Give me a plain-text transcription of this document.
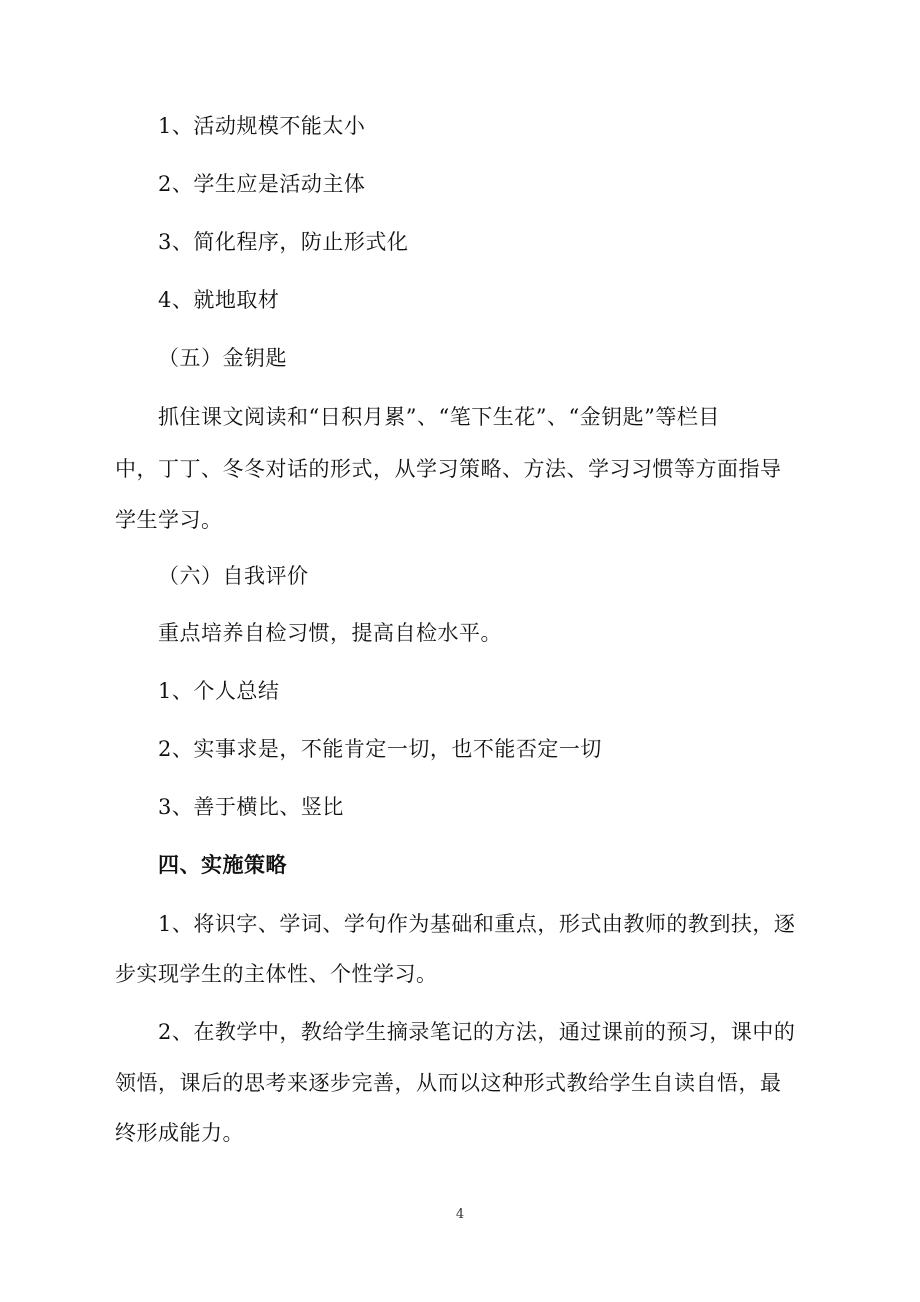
1、活动规模不能太小
2、学生应是活动主体
3、简化程序，防止形式化
4、就地取材
（五）金钥匙
抓住课文阅读和“日积月累”、“笔下生花”、“金钥匙”等栏目
中，丁丁、冬冬对话的形式，从学习策略、方法、学习习惯等方面指导
学生学习。
（六）自我评价
重点培养自检习惯，提高自检水平。
1、个人总结
2、实事求是，不能肯定一切，也不能否定一切
3、善于横比、竖比
四、实施策略
1、将识字、学词、学句作为基础和重点，形式由教师的教到扶，逐
步实现学生的主体性、个性学习。
2、在教学中，教给学生摘录笔记的方法，通过课前的预习，课中的
领悟，课后的思考来逐步完善，从而以这种形式教给学生自读自悟，最
终形成能力。
4
